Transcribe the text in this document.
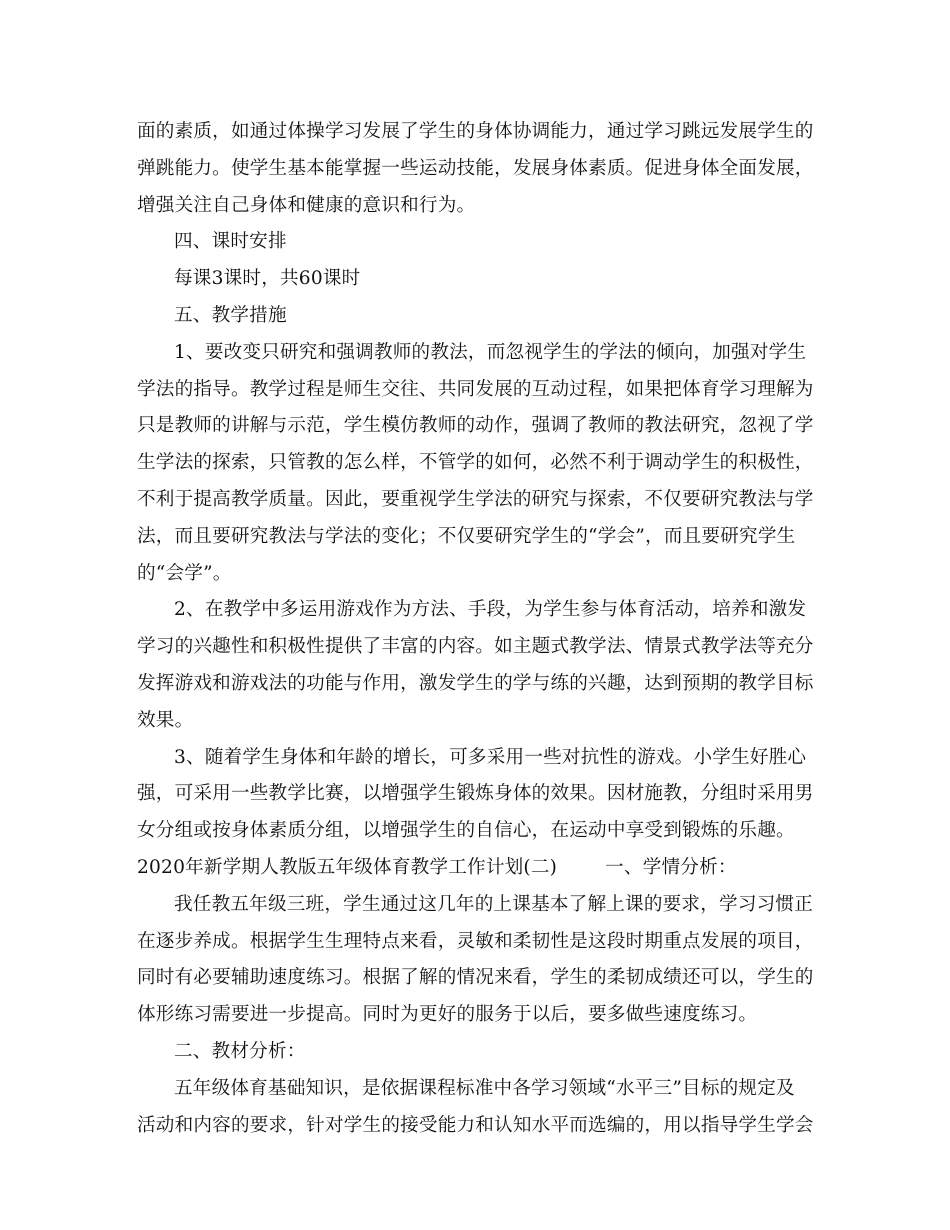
面的素质，如通过体操学习发展了学生的身体协调能力，通过学习跳远发展学生的
弹跳能力。使学生基本能掌握一些运动技能，发展身体素质。促进身体全面发展，
增强关注自己身体和健康的意识和行为。
四、课时安排
每课3课时，共60课时
五、教学措施
1、要改变只研究和强调教师的教法，而忽视学生的学法的倾向，加强对学生
学法的指导。教学过程是师生交往、共同发展的互动过程，如果把体育学习理解为
只是教师的讲解与示范，学生模仿教师的动作，强调了教师的教法研究，忽视了学
生学法的探索，只管教的怎么样，不管学的如何，必然不利于调动学生的积极性，
不利于提高教学质量。因此，要重视学生学法的研究与探索，不仅要研究教法与学
法，而且要研究教法与学法的变化；不仅要研究学生的“学会”，而且要研究学生
的“会学”。
2、在教学中多运用游戏作为方法、手段，为学生参与体育活动，培养和激发
学习的兴趣性和积极性提供了丰富的内容。如主题式教学法、情景式教学法等充分
发挥游戏和游戏法的功能与作用，激发学生的学与练的兴趣，达到预期的教学目标
效果。
3、随着学生身体和年龄的增长，可多采用一些对抗性的游戏。小学生好胜心
强，可采用一些教学比赛，以增强学生锻炼身体的效果。因材施教，分组时采用男
女分组或按身体素质分组，以增强学生的自信心，在运动中享受到锻炼的乐趣。
2020年新学期人教版五年级体育教学工作计划(二)	一、学情分析：
我任教五年级三班，学生通过这几年的上课基本了解上课的要求，学习习惯正
在逐步养成。根据学生生理特点来看，灵敏和柔韧性是这段时期重点发展的项目，
同时有必要辅助速度练习。根据了解的情况来看，学生的柔韧成绩还可以，学生的
体形练习需要进一步提高。同时为更好的服务于以后，要多做些速度练习。
二、教材分析：
五年级体育基础知识，是依据课程标准中各学习领域“水平三”目标的规定及
活动和内容的要求，针对学生的接受能力和认知水平而选编的，用以指导学生学会
